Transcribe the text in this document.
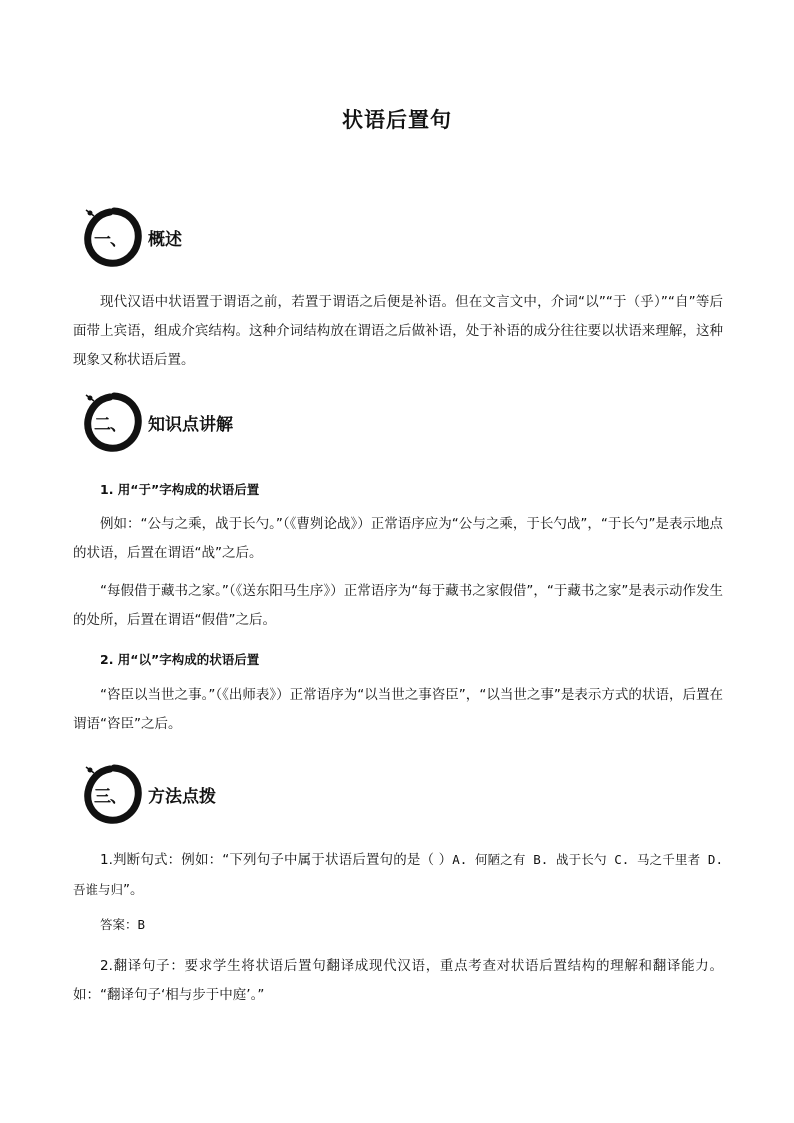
状语后置句
一、	概述
现代汉语中状语置于谓语之前，若置于谓语之后便是补语。但在文言文中，介词“以”“于（乎）”“自”等后面带上宾语，组成介宾结构。这种介词结构放在谓语之后做补语，处于补语的成分往往要以状语来理解，这种现象又称状语后置。
二、	知识点讲解
1. 用“于”字构成的状语后置
例如：“公与之乘，战于长勺。”（《曹刿论战》）正常语序应为“公与之乘，于长勺战”，“于长勺”是表示地点的状语，后置在谓语“战”之后。
“每假借于藏书之家。”（《送东阳马生序》）正常语序为“每于藏书之家假借”，“于藏书之家”是表示动作发生的处所，后置在谓语“假借”之后。
2. 用“以”字构成的状语后置
“咨臣以当世之事。”（《出师表》）正常语序为“以当世之事咨臣”，“以当世之事”是表示方式的状语，后置在谓语“咨臣”之后。
三、	方法点拨
1.判断句式：例如：“下列句子中属于状语后置句的是（ ）A. 何陋之有 B. 战于长勺 C. 马之千里者 D. 吾谁与归”。
答案：B
2.翻译句子：要求学生将状语后置句翻译成现代汉语，重点考查对状语后置结构的理解和翻译能力。如：“翻译句子‘相与步于中庭’。”
